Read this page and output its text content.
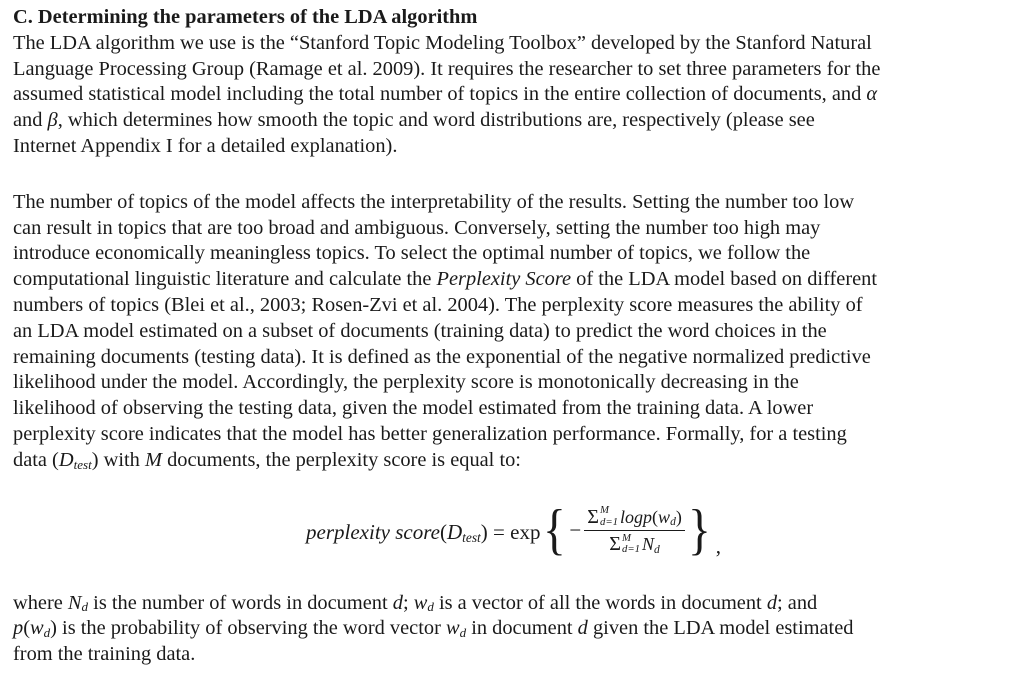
C. Determining the parameters of the LDA algorithm
The LDA algorithm we use is the “Stanford Topic Modeling Toolbox” developed by the Stanford Natural
Language Processing Group (Ramage et al. 2009). It requires the researcher to set three parameters for the
assumed statistical model including the total number of topics in the entire collection of documents, and α
and β, which determines how smooth the topic and word distributions are, respectively (please see
Internet Appendix I for a detailed explanation).
The number of topics of the model affects the interpretability of the results. Setting the number too low
can result in topics that are too broad and ambiguous. Conversely, setting the number too high may
introduce economically meaningless topics. To select the optimal number of topics, we follow the
computational linguistic literature and calculate the Perplexity Score of the LDA model based on different
numbers of topics (Blei et al., 2003; Rosen-Zvi et al. 2004). The perplexity score measures the ability of
an LDA model estimated on a subset of documents (training data) to predict the word choices in the
remaining documents (testing data). It is defined as the exponential of the negative normalized predictive
likelihood under the model. Accordingly, the perplexity score is monotonically decreasing in the
likelihood of observing the testing data, given the model estimated from the training data. A lower
perplexity score indicates that the model has better generalization performance. Formally, for a testing
data $(D_{test})$ with M documents, the perplexity score is equal to:
perplexity $score(D_{test}) = \exp$ { −
Σ M
d=1 $\log p(w_d)$
Σ M
d=1 $N_d$ } ,
where $N_d$ is the number of words in document d; $w_d$ is a vector of all the words in document d; and
$p(w_d)$ is the probability of observing the word vector $w_d$ in document d given the LDA model estimated
from the training data.
